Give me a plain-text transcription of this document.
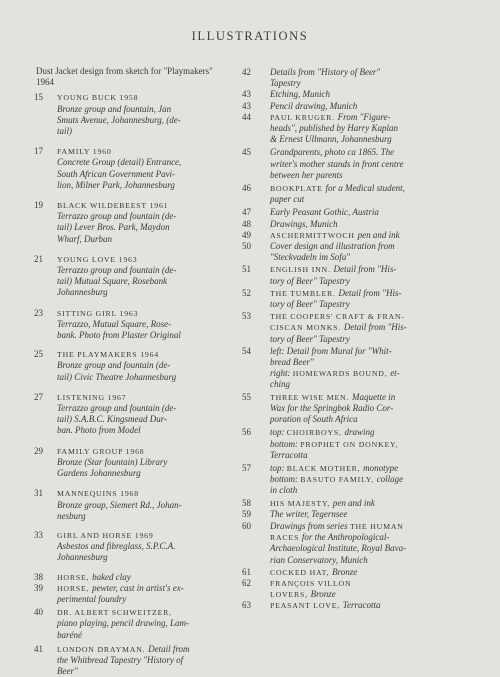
ILLUSTRATIONS
Dust Jacket design from sketch for "Playmakers" 1964
15	YOUNG BUCK 1958
Bronze group and fountain, Jan
Smuts Avenue, Johannesburg, (de-
tail)
17	FAMILY 1960
Concrete Group (detail) Entrance,
South African Government Pavi-
lion, Milner Park, Johannesburg
19	BLACK WILDEBEEST 1961
Terrazzo group and fountain (de-
tail) Lever Bros. Park, Maydon
Wharf, Durban
21	YOUNG LOVE 1963
Terrazzo group and fountain (de-
tail) Mutual Square, Rosebank
Johannesburg
23	SITTING GIRL 1963
Terrazzo, Mutual Square, Rose-
bank. Photo from Plaster Original
25	THE PLAYMAKERS 1964
Bronze group and fountain (de-
tail) Civic Theatre Johannesburg
27	LISTENING 1967
Terrazzo group and fountain (de-
tail) S.A.B.C. Kingsmead Dur-
ban. Photo from Model
29	FAMILY GROUP 1968
Bronze (Star fountain) Library
Gardens Johannesburg
31	MANNEQUINS 1968
Bronze group, Siemert Rd., Johan-
nesburg
33	GIRL AND HORSE 1969
Asbestos and fibreglass, S.P.C.A.
Johannesburg
38	HORSE, baked clay
39	HORSE, pewter, cast in artist's ex-
perimental foundry
40	DR. ALBERT SCHWEITZER,
piano playing, pencil drawing, Lam-
baréné
41	LONDON DRAYMAN. Detail from
the Whitbread Tapestry "History of
Beer"
42	Details from "History of Beer"
Tapestry
43	Etching, Munich
43	Pencil drawing, Munich
44	PAUL KRUGER. From "Figure-
heads", published by Harry Kaplan
& Ernest Ullmann, Johannesburg
45	Grandparents, photo ca 1865. The
writer's mother stands in front centre
between her parents
46	BOOKPLATE for a Medical student,
paper cut
47	Early Peasant Gothic, Austria
48	Drawings, Munich
49	ASCHERMITTWOCH pen and ink
50	Cover design and illustration from
"Steckvadeln im Sofa"
51	ENGLISH INN. Detail from "His-
tory of Beer" Tapestry
52	THE TUMBLER. Detail from "His-
tory of Beer" Tapestry
53	THE COOPERS' CRAFT & FRAN-
CISCAN MONKS. Detail from "His-
tory of Beer" Tapestry
54	left: Detail from Mural for "Whit-
bread Beer"
right: HOMEWARDS BOUND, et-
ching
55	THREE WISE MEN. Maquette in
Wax for the Springbok Radio Cor-
poration of South Africa
56	top: CHOIRBOYS, drawing
bottom: PROPHET ON DONKEY,
Terracotta
57	top: BLACK MOTHER, monotype
bottom: BASUTO FAMILY, collage
in cloth
58	HIS MAJESTY, pen and ink
59	The writer, Tegernsee
60	Drawings from series THE HUMAN
RACES for the Anthropological-
Archaeological Institute, Royal Bava-
rian Conservatory, Munich
61	COCKED HAT, Bronze
62	FRANÇOIS VILLON
LOVERS, Bronze
63	PEASANT LOVE, Terracotta
